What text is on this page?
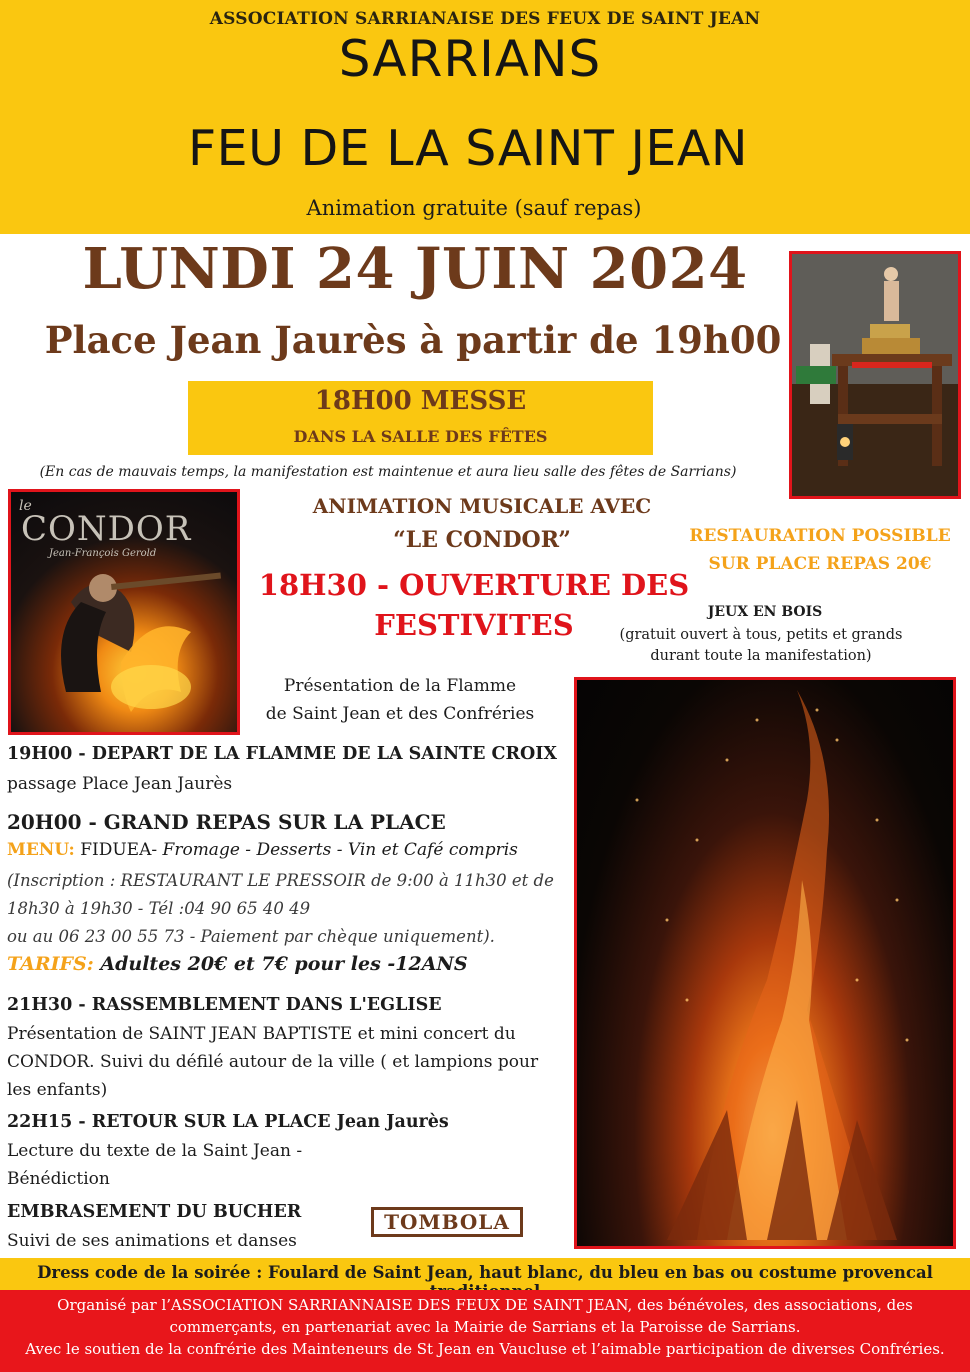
ASSOCIATION SARRIANAISE DES FEUX DE SAINT JEAN
SARRIANS
FEU DE LA SAINT JEAN
Animation gratuite (sauf repas)
LUNDI 24 JUIN 2024
Place Jean Jaurès à partir de 19h00
18H00 MESSE
DANS LA SALLE DES FÊTES
(En cas de mauvais temps, la manifestation est maintenue et aura lieu salle des fêtes de Sarrians)
le
CONDOR
Jean-François Gerold
ANIMATION MUSICALE AVEC
“LE CONDOR”
18H30 - OUVERTURE DES
FESTIVITES
RESTAURATION POSSIBLE
SUR PLACE REPAS 20€
JEUX EN BOIS
(gratuit ouvert à tous, petits et grands
durant toute la manifestation)
Présentation de la Flamme
de Saint Jean et des Confréries
19H00 - DEPART DE LA FLAMME DE LA SAINTE CROIX
passage Place Jean Jaurès
20H00 - GRAND REPAS SUR LA PLACE
MENU: FIDUEA- Fromage - Desserts - Vin et Café compris
(Inscription : RESTAURANT LE PRESSOIR de 9:00 à 11h30 et de
18h30 à 19h30 - Tél :04 90 65 40 49
ou au 06 23 00 55 73 - Paiement par chèque uniquement).
TARIFS: Adultes 20€ et 7€ pour les -12ANS
21H30 - RASSEMBLEMENT DANS L'EGLISE
Présentation de SAINT JEAN BAPTISTE et mini concert du
CONDOR. Suivi du défilé autour de la ville ( et lampions pour
les enfants)
22H15 - RETOUR SUR LA PLACE Jean Jaurès
Lecture du texte de la Saint Jean -
Bénédiction
EMBRASEMENT DU BUCHER
Suivi de ses animations et danses
TOMBOLA
Dress code de la soirée : Foulard de Saint Jean, haut blanc, du bleu en bas ou costume provencal
Organisé par l’ASSOCIATION SARRIANNAISE DES FEUX DE SAINT JEAN, des bénévoles, des associations, des
commerçants, en partenariat avec la Mairie de Sarrians et la Paroisse de Sarrians.
Avec le soutien de la confrérie des Mainteneurs de St Jean en Vaucluse et l’aimable participation de diverses Confréries.
